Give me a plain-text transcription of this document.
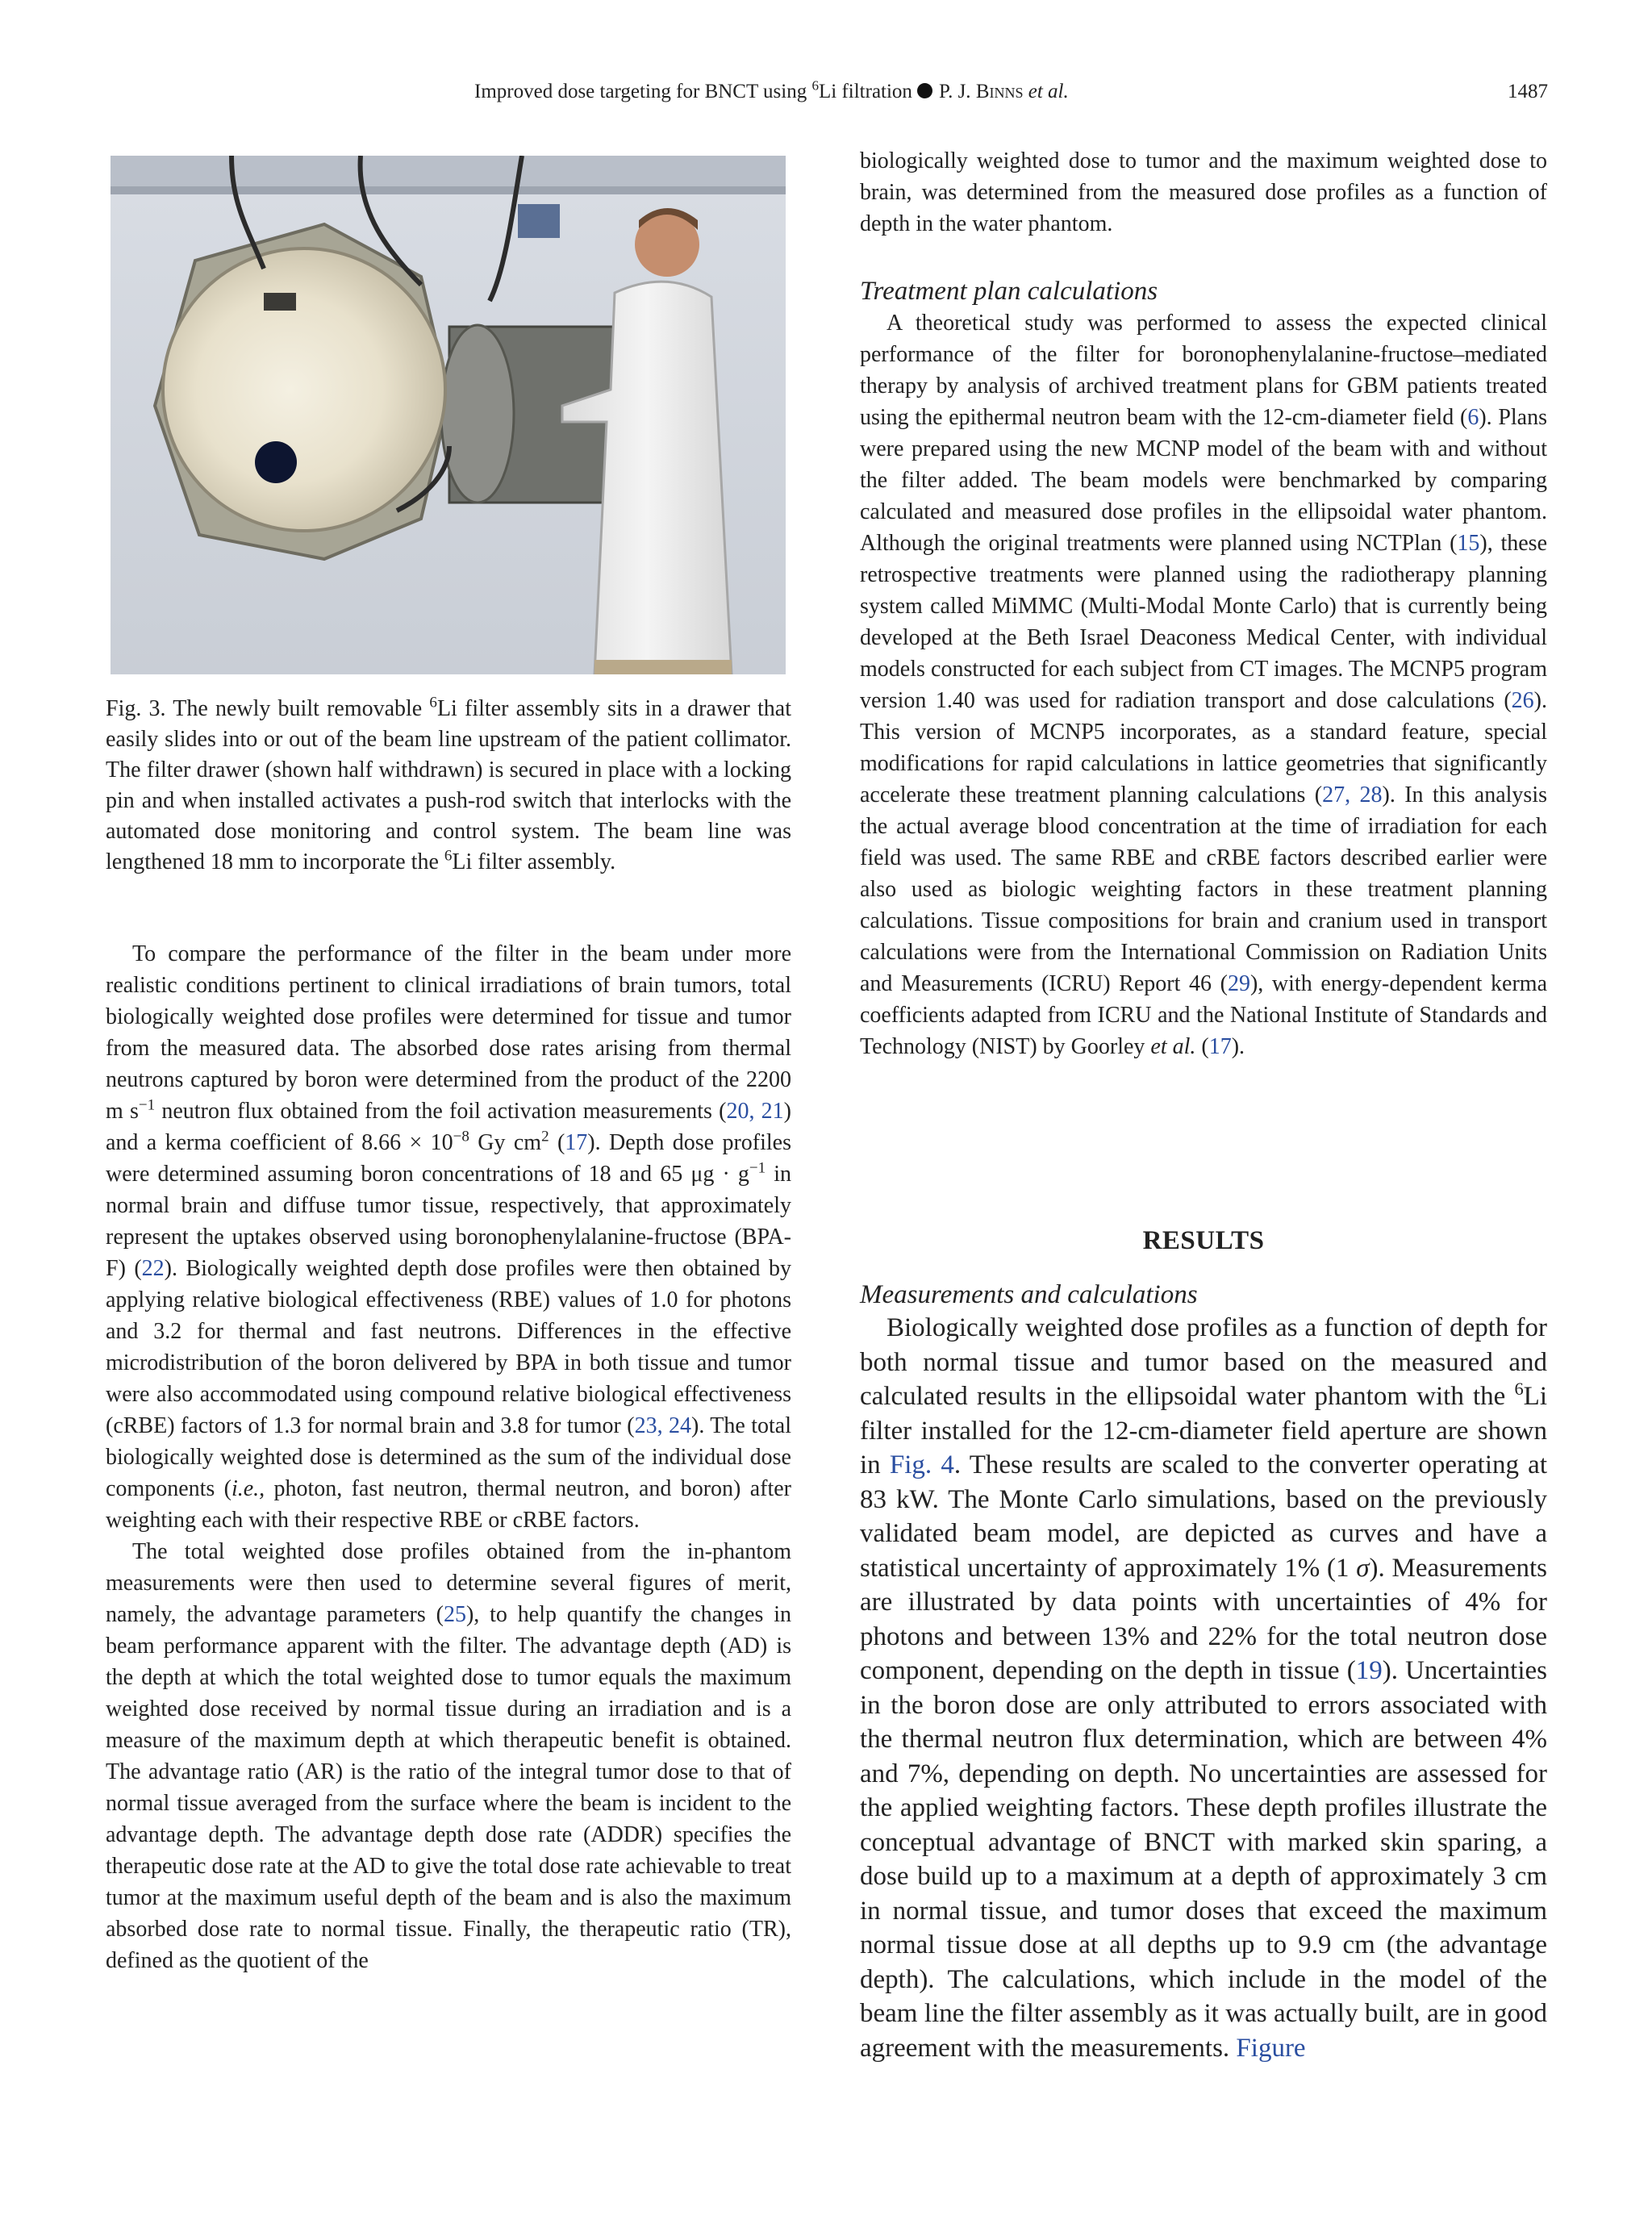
Improved dose targeting for BNCT using $^6$Li filtration P. J. Binns et al.	1487
Fig. 3. The newly built removable $^6$Li filter assembly sits in a drawer that easily slides into or out of the beam line upstream of the patient collimator. The filter drawer (shown half withdrawn) is secured in place with a locking pin and when installed activates a push-rod switch that interlocks with the automated dose monitoring and control system. The beam line was lengthened 18 mm to incorporate the $^6$Li filter assembly.

To compare the performance of the filter in the beam under more realistic conditions pertinent to clinical irradiations of brain tumors, total biologically weighted dose profiles were determined for tissue and tumor from the measured data. The absorbed dose rates arising from thermal neutrons captured by boron were determined from the product of the 2200 m $s^{-1}$ neutron flux obtained from the foil activation measurements (20, 21) and a kerma coefficient of $8.66 \times 10^{-8}$ Gy $cm^2$ (17). Depth dose profiles were determined assuming boron concentrations of 18 and 65 $\mu g \cdot g^{-1}$ in normal brain and diffuse tumor tissue, respectively, that approximately represent the uptakes observed using boronophenylalanine-fructose (BPA-F) (22). Biologically weighted depth dose profiles were then obtained by applying relative biological effectiveness (RBE) values of 1.0 for photons and 3.2 for thermal and fast neutrons. Differences in the effective microdistribution of the boron delivered by BPA in both tissue and tumor were also accommodated using compound relative biological effectiveness (cRBE) factors of 1.3 for normal brain and 3.8 for tumor (23, 24). The total biologically weighted dose is determined as the sum of the individual dose components (i.e., photon, fast neutron, thermal neutron, and boron) after weighting each with their respective RBE or cRBE factors.

The total weighted dose profiles obtained from the in-phantom measurements were then used to determine several figures of merit, namely, the advantage parameters (25), to help quantify the changes in beam performance apparent with the filter. The advantage depth (AD) is the depth at which the total weighted dose to tumor equals the maximum weighted dose received by normal tissue during an irradiation and is a measure of the maximum depth at which therapeutic benefit is obtained. The advantage ratio (AR) is the ratio of the integral tumor dose to that of normal tissue averaged from the surface where the beam is incident to the advantage depth. The advantage depth dose rate (ADDR) specifies the therapeutic dose rate at the AD to give the total dose rate achievable to treat tumor at the maximum useful depth of the beam and is also the maximum absorbed dose rate to normal tissue. Finally, the therapeutic ratio (TR), defined as the quotient of the

biologically weighted dose to tumor and the maximum weighted dose to brain, was determined from the measured dose profiles as a function of depth in the water phantom.

Treatment plan calculations

A theoretical study was performed to assess the expected clinical performance of the filter for boronophenylalanine-fructose–mediated therapy by analysis of archived treatment plans for GBM patients treated using the epithermal neutron beam with the 12-cm-diameter field (6). Plans were prepared using the new MCNP model of the beam with and without the filter added. The beam models were benchmarked by comparing calculated and measured dose profiles in the ellipsoidal water phantom. Although the original treatments were planned using NCTPlan (15), these retrospective treatments were planned using the radiotherapy planning system called MiMMC (Multi-Modal Monte Carlo) that is currently being developed at the Beth Israel Deaconess Medical Center, with individual models constructed for each subject from CT images. The MCNP5 program version 1.40 was used for radiation transport and dose calculations (26). This version of MCNP5 incorporates, as a standard feature, special modifications for rapid calculations in lattice geometries that significantly accelerate these treatment planning calculations (27, 28). In this analysis the actual average blood concentration at the time of irradiation for each field was used. The same RBE and cRBE factors described earlier were also used as biologic weighting factors in these treatment planning calculations. Tissue compositions for brain and cranium used in transport calculations were from the International Commission on Radiation Units and Measurements (ICRU) Report 46 (29), with energy-dependent kerma coefficients adapted from ICRU and the National Institute of Standards and Technology (NIST) by Goorley et al. (17).

RESULTS

Measurements and calculations

Biologically weighted dose profiles as a function of depth for both normal tissue and tumor based on the measured and calculated results in the ellipsoidal water phantom with the $^6$Li filter installed for the 12-cm-diameter field aperture are shown in Fig. 4. These results are scaled to the converter operating at 83 kW. The Monte Carlo simulations, based on the previously validated beam model, are depicted as curves and have a statistical uncertainty of approximately 1% (1 σ). Measurements are illustrated by data points with uncertainties of 4% for photons and between 13% and 22% for the total neutron dose component, depending on the depth in tissue (19). Uncertainties in the boron dose are only attributed to errors associated with the thermal neutron flux determination, which are between 4% and 7%, depending on depth. No uncertainties are assessed for the applied weighting factors. These depth profiles illustrate the conceptual advantage of BNCT with marked skin sparing, a dose build up to a maximum at a depth of approximately 3 cm in normal tissue, and tumor doses that exceed the maximum normal tissue dose at all depths up to 9.9 cm (the advantage depth). The calculations, which include in the model of the beam line the filter assembly as it was actually built, are in good agreement with the measurements. Figure
